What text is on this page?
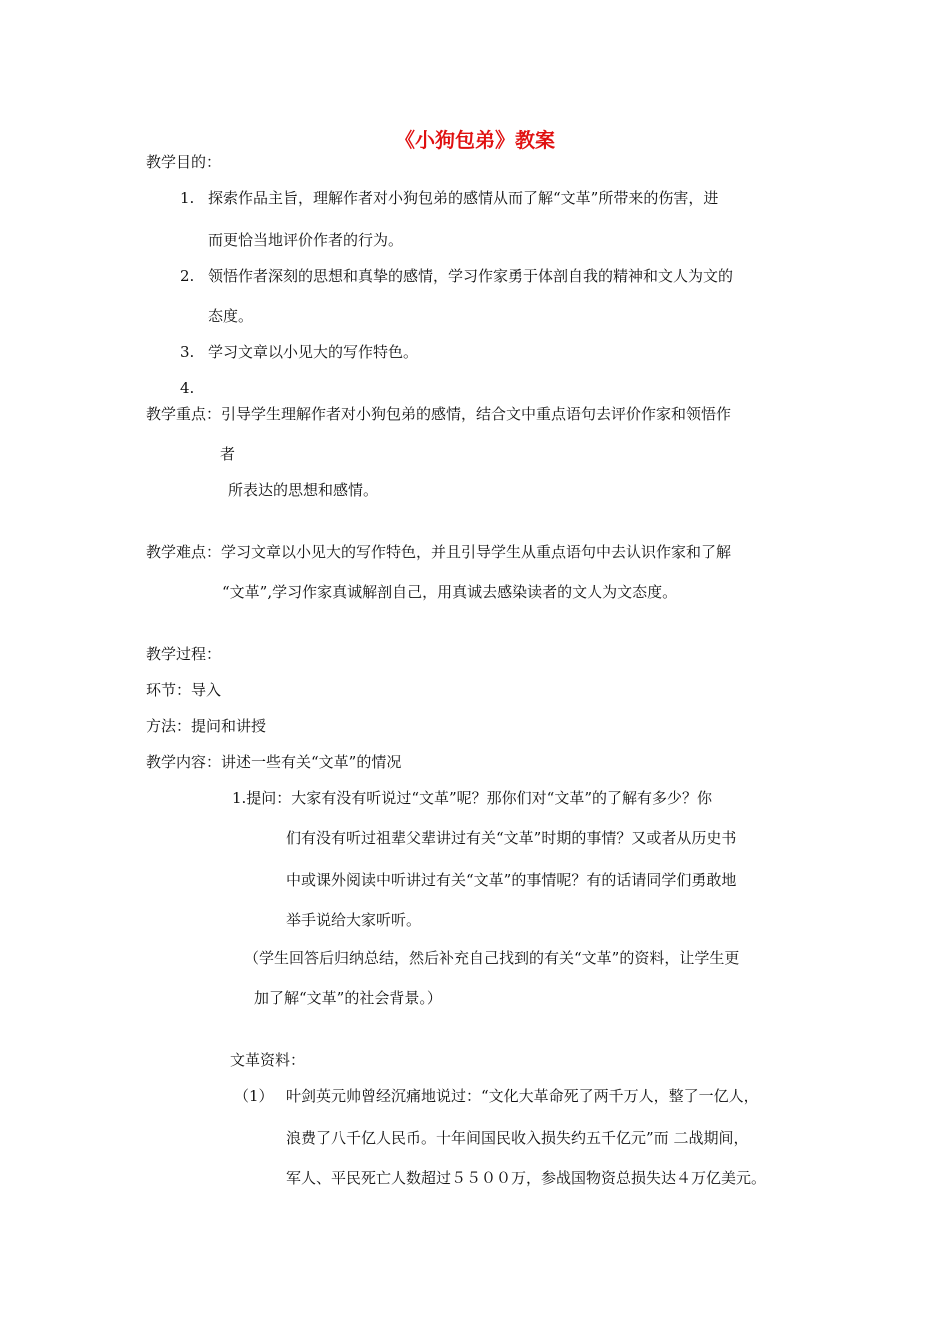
《小狗包弟》教案
教学目的：
1. 探索作品主旨，理解作者对小狗包弟的感情从而了解“文革”所带来的伤害，进
而更恰当地评价作者的行为。
2. 领悟作者深刻的思想和真挚的感情，学习作家勇于体剖自我的精神和文人为文的
态度。
3. 学习文章以小见大的写作特色。
4.
教学重点：引导学生理解作者对小狗包弟的感情，结合文中重点语句去评价作家和领悟作
者
所表达的思想和感情。
教学难点：学习文章以小见大的写作特色，并且引导学生从重点语句中去认识作家和了解
“文革”,学习作家真诚解剖自己，用真诚去感染读者的文人为文态度。
教学过程：
环节：导入
方法：提问和讲授
教学内容：讲述一些有关“文革”的情况
1.提问：大家有没有听说过“文革”呢？那你们对“文革”的了解有多少？你
们有没有听过祖辈父辈讲过有关“文革”时期的事情？又或者从历史书
中或课外阅读中听讲过有关“文革”的事情呢？有的话请同学们勇敢地
举手说给大家听听。
（学生回答后归纳总结，然后补充自己找到的有关“文革”的资料，让学生更
加了解“文革”的社会背景。）
文革资料：
（1） 叶剑英元帅曾经沉痛地说过：“文化大革命死了两千万人，整了一亿人，
浪费了八千亿人民币。十年间国民收入损失约五千亿元”而 二战期间，
军人、平民死亡人数超过５５００万，参战国物资总损失达４万亿美元。
